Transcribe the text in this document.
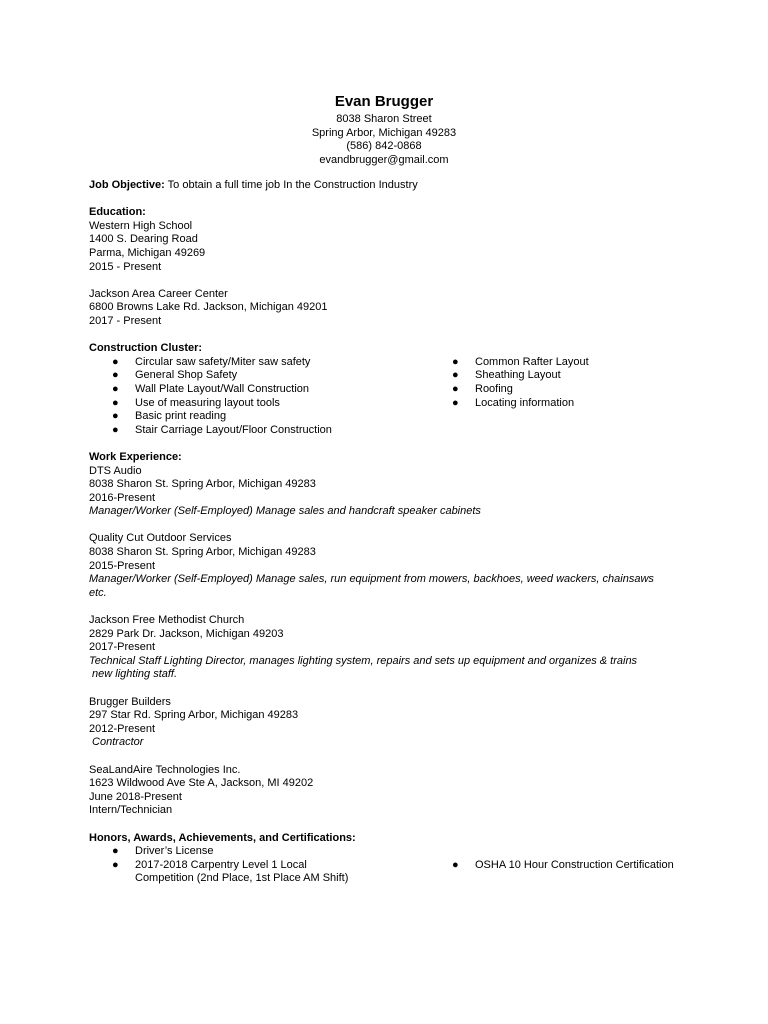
Evan Brugger
8038 Sharon Street
Spring Arbor, Michigan 49283
(586) 842-0868
evandbrugger@gmail.com
Job Objective: To obtain a full time job In the Construction Industry
Education:
Western High School
1400 S. Dearing Road
Parma, Michigan 49269
2015 - Present
Jackson Area Career Center
6800 Browns Lake Rd. Jackson, Michigan 49201
2017 - Present
Construction Cluster:
● Circular saw safety/Miter saw safety
● General Shop Safety
● Wall Plate Layout/Wall Construction
● Use of measuring layout tools
● Basic print reading
● Stair Carriage Layout/Floor Construction
● Common Rafter Layout
● Sheathing Layout
● Roofing
● Locating information
Work Experience:
DTS Audio
8038 Sharon St. Spring Arbor, Michigan 49283
2016-Present
Manager/Worker (Self-Employed) Manage sales and handcraft speaker cabinets
Quality Cut Outdoor Services
8038 Sharon St. Spring Arbor, Michigan 49283
2015-Present
Manager/Worker (Self-Employed) Manage sales, run equipment from mowers, backhoes, weed wackers, chainsaws
etc.
Jackson Free Methodist Church
2829 Park Dr. Jackson, Michigan 49203
2017-Present
Technical Staff Lighting Director, manages lighting system, repairs and sets up equipment and organizes & trains
new lighting staff.
Brugger Builders
297 Star Rd. Spring Arbor, Michigan 49283
2012-Present
Contractor
SeaLandAire Technologies Inc.
1623 Wildwood Ave Ste A, Jackson, MI 49202
June 2018-Present
Intern/Technician
Honors, Awards, Achievements, and Certifications:
● Driver’s License
● 2017-2018 Carpentry Level 1 Local Competition (2nd Place, 1st Place AM Shift)
● OSHA 10 Hour Construction Certification
